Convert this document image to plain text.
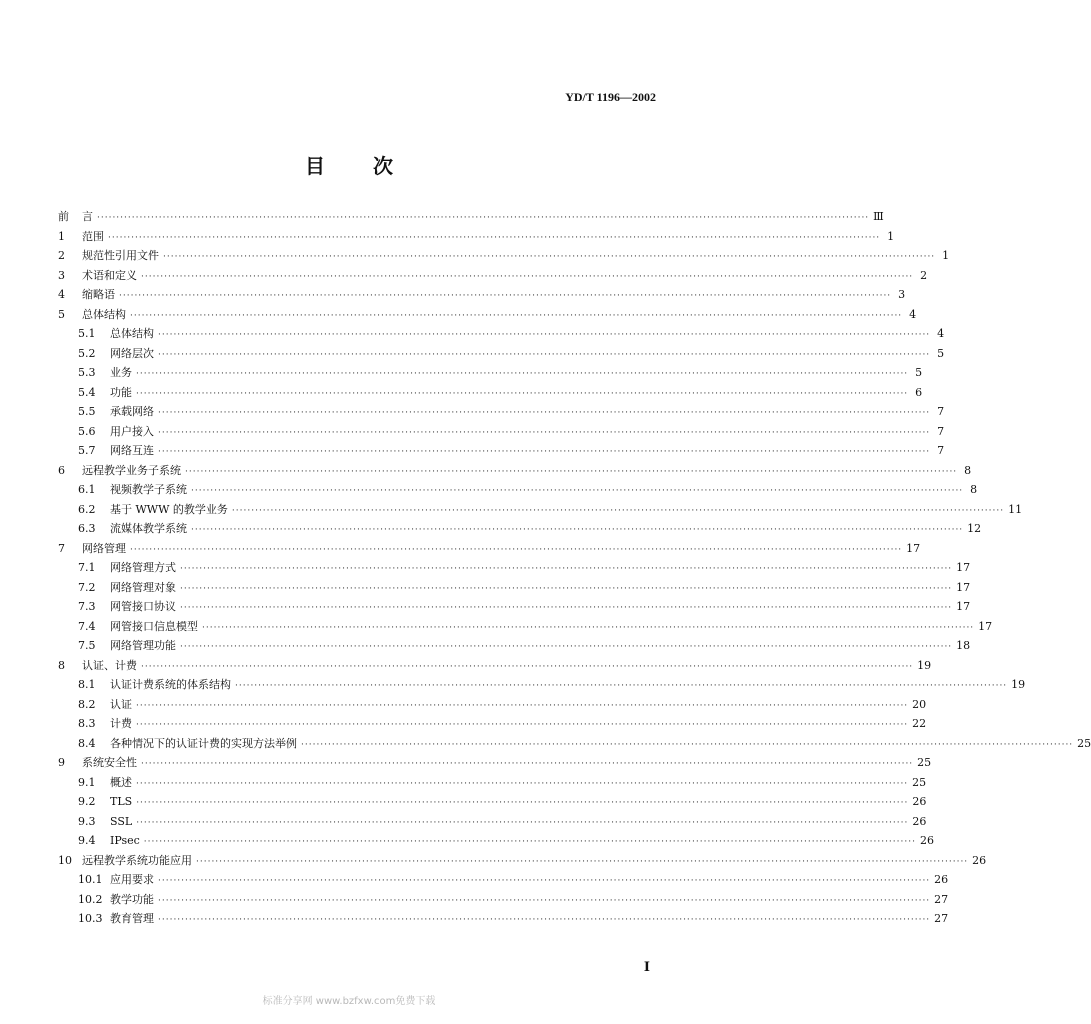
YD/T 1196—2002
目 次
前	言 ········································································································································································································ Ⅲ
1	范围 ········································································································································································································ 1
2	规范性引用文件 ········································································································································································································ 1
3	术语和定义 ········································································································································································································ 2
4	缩略语 ········································································································································································································ 3
5	总体结构 ········································································································································································································ 4
5.1	总体结构 ········································································································································································································ 4
5.2	网络层次 ········································································································································································································ 5
5.3	业务 ········································································································································································································ 5
5.4	功能 ········································································································································································································ 6
5.5	承载网络 ········································································································································································································ 7
5.6	用户接入 ········································································································································································································ 7
5.7	网络互连 ········································································································································································································ 7
6	远程教学业务子系统 ········································································································································································································ 8
6.1	视频教学子系统 ········································································································································································································ 8
6.2	基于 WWW 的教学业务 ········································································································································································································ 11
6.3	流媒体教学系统 ········································································································································································································ 12
7	网络管理 ········································································································································································································ 17
7.1	网络管理方式 ········································································································································································································ 17
7.2	网络管理对象 ········································································································································································································ 17
7.3	网管接口协议 ········································································································································································································ 17
7.4	网管接口信息模型 ········································································································································································································ 17
7.5	网络管理功能 ········································································································································································································ 18
8	认证、计费 ········································································································································································································ 19
8.1	认证计费系统的体系结构 ········································································································································································································ 19
8.2	认证 ········································································································································································································ 20
8.3	计费 ········································································································································································································ 22
8.4	各种情况下的认证计费的实现方法举例 ········································································································································································································ 25
9	系统安全性 ········································································································································································································ 25
9.1	概述 ········································································································································································································ 25
9.2	TLS ········································································································································································································ 26
9.3	SSL ········································································································································································································ 26
9.4	IPsec ········································································································································································································ 26
10 远程教学系统功能应用 ········································································································································································································ 26
10.1 应用要求 ········································································································································································································ 26
10.2 教学功能 ········································································································································································································ 27
10.3 教育管理 ········································································································································································································ 27
I
标准分享网 www.bzfxw.com免费下载
